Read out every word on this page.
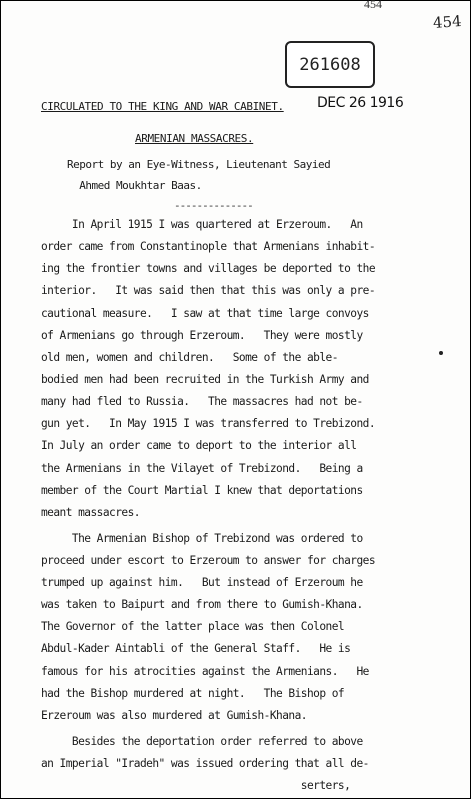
454
454
261608
CIRCULATED TO THE KING AND WAR CABINET. DEC 26 1916
ARMENIAN MASSACRES.
Report by an Eye-Witness, Lieutenant Sayied
Ahmed Moukhtar Baas.
--------------
In April 1915 I was quartered at Erzeroum.   An
order came from Constantinople that Armenians inhabit-
ing the frontier towns and villages be deported to the
interior.   It was said then that this was only a pre-
cautional measure.   I saw at that time large convoys
of Armenians go through Erzeroum.   They were mostly
old men, women and children.   Some of the able-
bodied men had been recruited in the Turkish Army and
many had fled to Russia.   The massacres had not be-
gun yet.   In May 1915 I was transferred to Trebizond.
In July an order came to deport to the interior all
the Armenians in the Vilayet of Trebizond.   Being a
member of the Court Martial I knew that deportations
meant massacres.
The Armenian Bishop of Trebizond was ordered to
proceed under escort to Erzeroum to answer for charges
trumped up against him.   But instead of Erzeroum he
was taken to Baipurt and from there to Gumish-Khana.
The Governor of the latter place was then Colonel
Abdul-Kader Aintabli of the General Staff.   He is
famous for his atrocities against the Armenians.   He
had the Bishop murdered at night.   The Bishop of
Erzeroum was also murdered at Gumish-Khana.
Besides the deportation order referred to above
an Imperial "Iradeh" was issued ordering that all de-
serters,
